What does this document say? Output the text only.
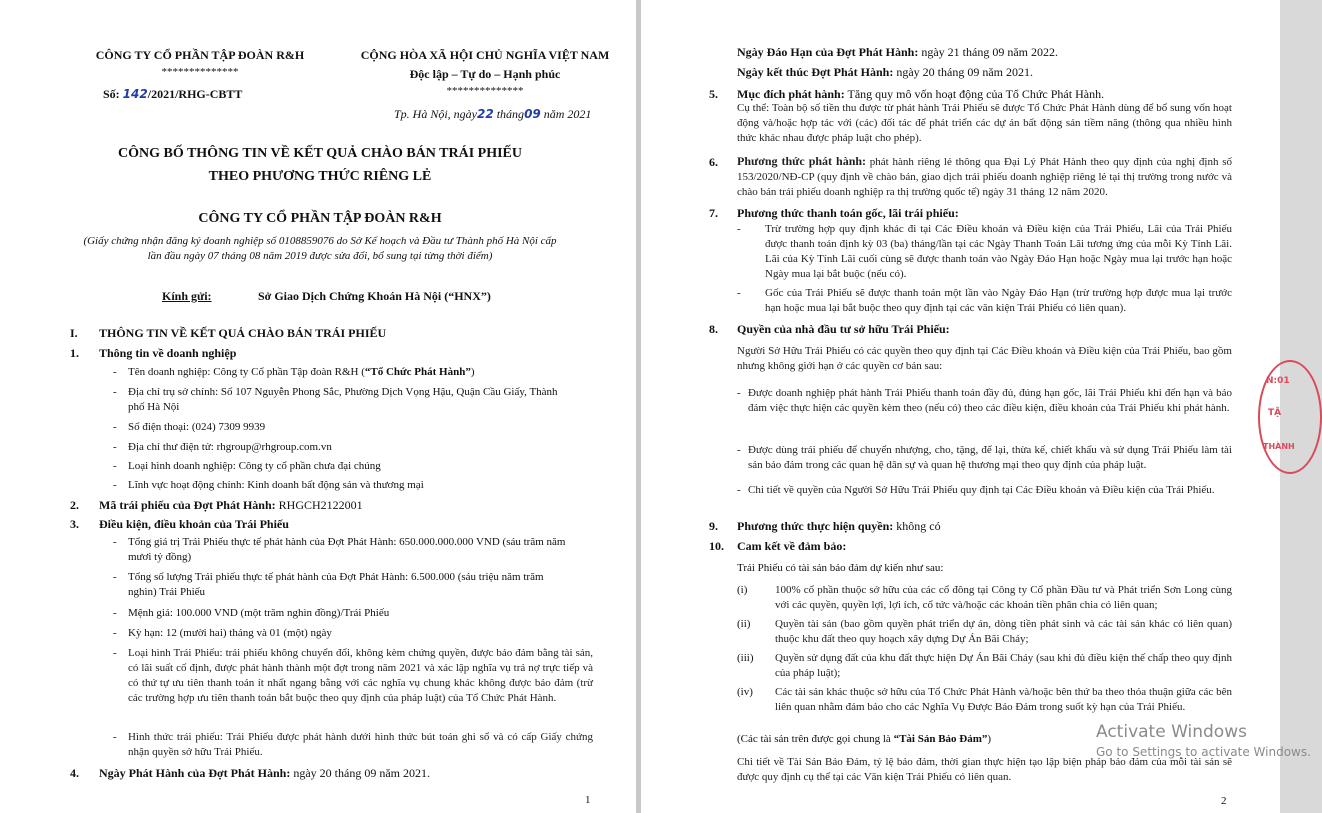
CÔNG TY CỔ PHẦN TẬP ĐOÀN R&H
**************
Số: 142/2021/RHG-CBTT
CỘNG HÒA XÃ HỘI CHỦ NGHĨA VIỆT NAM
Độc lập – Tự do – Hạnh phúc
**************
Tp. Hà Nội, ngày22 tháng09 năm 2021
CÔNG BỐ THÔNG TIN VỀ KẾT QUẢ CHÀO BÁN TRÁI PHIẾU
THEO PHƯƠNG THỨC RIÊNG LẺ
CÔNG TY CỔ PHẦN TẬP ĐOÀN R&H
(Giấy chứng nhận đăng ký doanh nghiệp số 0108859076 do Sở Kế hoạch và Đầu tư Thành phố Hà Nội cấp
lần đầu ngày 07 tháng 08 năm 2019 được sửa đổi, bổ sung tại từng thời điểm)
Kính gửi:	Sở Giao Dịch Chứng Khoán Hà Nội (“HNX”)
I. THÔNG TIN VỀ KẾT QUẢ CHÀO BÁN TRÁI PHIẾU
1. Thông tin về doanh nghiệp
- Tên doanh nghiệp: Công ty Cổ phần Tập đoàn R&H (“Tổ Chức Phát Hành”)
- Địa chỉ trụ sở chính: Số 107 Nguyễn Phong Sắc, Phường Dịch Vọng Hậu, Quận Cầu Giấy, Thành
phố Hà Nội
- Số điện thoại: (024) 7309 9939
- Địa chỉ thư điện tử: rhgroup@rhgroup.com.vn
- Loại hình doanh nghiệp: Công ty cổ phần chưa đại chúng
- Lĩnh vực hoạt động chính: Kinh doanh bất động sản và thương mại
2. Mã trái phiếu của Đợt Phát Hành: RHGCH2122001
3. Điều kiện, điều khoản của Trái Phiếu
- Tổng giá trị Trái Phiếu thực tế phát hành của Đợt Phát Hành: 650.000.000.000 VND (sáu trăm năm
mươi tỷ đồng)
- Tổng số lượng Trái phiếu thực tế phát hành của Đợt Phát Hành: 6.500.000 (sáu triệu năm trăm
nghìn) Trái Phiếu
- Mệnh giá: 100.000 VND (một trăm nghìn đồng)/Trái Phiếu
- Kỳ hạn: 12 (mười hai) tháng và 01 (một) ngày
- Loại hình Trái Phiếu: trái phiếu không chuyển đổi, không kèm chứng quyền, được bảo đảm bằng tài sản, có lãi suất cố định, được phát hành thành một đợt trong năm 2021 và xác lập nghĩa vụ trả nợ trực tiếp và có thứ tự ưu tiên thanh toán ít nhất ngang bằng với các nghĩa vụ chung khác không được bảo đảm (trừ các trường hợp ưu tiên thanh toán bắt buộc theo quy định của pháp luật) của Tổ Chức Phát Hành.
- Hình thức trái phiếu: Trái Phiếu được phát hành dưới hình thức bút toán ghi sổ và có cấp Giấy chứng nhận quyền sở hữu Trái Phiếu.
4. Ngày Phát Hành của Đợt Phát Hành: ngày 20 tháng 09 năm 2021.
1
Ngày Đáo Hạn của Đợt Phát Hành: ngày 21 tháng 09 năm 2022.
Ngày kết thúc Đợt Phát Hành: ngày 20 tháng 09 năm 2021.
5. Mục đích phát hành: Tăng quy mô vốn hoạt động của Tổ Chức Phát Hành.
Cụ thể: Toàn bộ số tiền thu được từ phát hành Trái Phiếu sẽ được Tổ Chức Phát Hành dùng để bổ sung vốn hoạt động và/hoặc hợp tác với (các) đối tác để phát triển các dự án bất động sản tiềm năng (thông qua nhiều hình thức khác nhau được pháp luật cho phép).
6. Phương thức phát hành: phát hành riêng lẻ thông qua Đại Lý Phát Hành theo quy định của nghị định số 153/2020/NĐ-CP (quy định về chào bán, giao dịch trái phiếu doanh nghiệp riêng lẻ tại thị trường trong nước và chào bán trái phiếu doanh nghiệp ra thị trường quốc tế) ngày 31 tháng 12 năm 2020.
7. Phương thức thanh toán gốc, lãi trái phiếu:
- Trừ trường hợp quy định khác đi tại Các Điều khoản và Điều kiện của Trái Phiếu, Lãi của Trái Phiếu được thanh toán định kỳ 03 (ba) tháng/lần tại các Ngày Thanh Toán Lãi tương ứng của mỗi Kỳ Tính Lãi. Lãi của Kỳ Tính Lãi cuối cùng sẽ được thanh toán vào Ngày Đáo Hạn hoặc Ngày mua lại trước hạn hoặc Ngày mua lại bắt buộc (nếu có).
- Gốc của Trái Phiếu sẽ được thanh toán một lần vào Ngày Đáo Hạn (trừ trường hợp được mua lại trước hạn hoặc mua lại bắt buộc theo quy định tại các văn kiện Trái Phiếu có liên quan).
8. Quyền của nhà đầu tư sở hữu Trái Phiếu:
Người Sở Hữu Trái Phiếu có các quyền theo quy định tại Các Điều khoản và Điều kiện của Trái Phiếu, bao gồm nhưng không giới hạn ở các quyền cơ bản sau:
- Được doanh nghiệp phát hành Trái Phiếu thanh toán đầy đủ, đúng hạn gốc, lãi Trái Phiếu khi đến hạn và bảo đảm việc thực hiện các quyền kèm theo (nếu có) theo các điều kiện, điều khoản của Trái Phiếu khi phát hành.
- Được dùng trái phiếu để chuyển nhượng, cho, tặng, để lại, thừa kế, chiết khấu và sử dụng Trái Phiếu làm tài sản bảo đảm trong các quan hệ dân sự và quan hệ thương mại theo quy định của pháp luật.
- Chi tiết về quyền của Người Sở Hữu Trái Phiếu quy định tại Các Điều khoản và Điều kiện của Trái Phiếu.
9. Phương thức thực hiện quyền: không có
10. Cam kết về đảm bảo:
Trái Phiếu có tài sản bảo đảm dự kiến như sau:
(i)	100% cổ phần thuộc sở hữu của các cổ đông tại Công ty Cổ phần Đầu tư và Phát triển Sơn Long cùng với các quyền, quyền lợi, lợi ích, cổ tức và/hoặc các khoản tiền phân chia có liên quan;
(ii) Quyền tài sản (bao gồm quyền phát triển dự án, dòng tiền phát sinh và các tài sản khác có liên quan) thuộc khu đất theo quy hoạch xây dựng Dự Án Bãi Cháy;
(iii) Quyền sử dụng đất của khu đất thực hiện Dự Án Bãi Cháy (sau khi đủ điều kiện thế chấp theo quy định của pháp luật);
(iv) Các tài sản khác thuộc sở hữu của Tổ Chức Phát Hành và/hoặc bên thứ ba theo thỏa thuận giữa các bên liên quan nhằm đảm bảo cho các Nghĩa Vụ Được Bảo Đảm trong suốt kỳ hạn của Trái Phiếu.
(Các tài sản trên được gọi chung là “Tài Sản Bảo Đảm”)
Chi tiết về Tài Sản Bảo Đảm, tỷ lệ bảo đảm, thời gian thực hiện tạo lập biện pháp bảo đảm của mỗi tài sản sẽ được quy định cụ thể tại các Văn kiện Trái Phiếu có liên quan.
2
N:01
TẬ
THÀNH
Activate Windows
Go to Settings to activate Windows.
